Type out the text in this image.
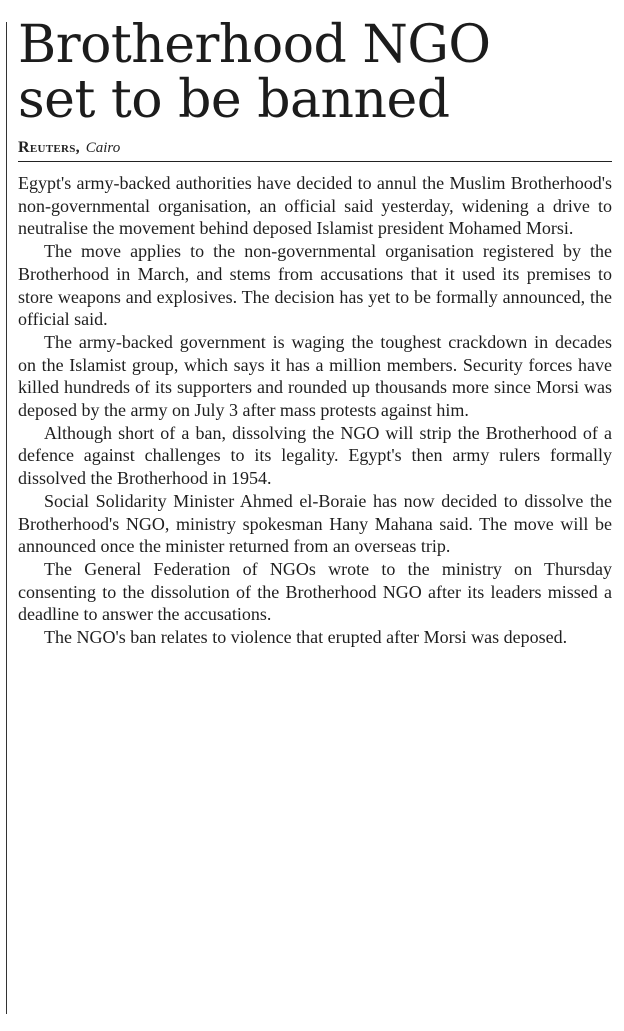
Brotherhood NGO
set to be banned
Reuters, Cairo

Egypt's army-backed authorities have decided to annul the Muslim Brotherhood's non-governmental organisation, an official said yesterday, widening a drive to neutralise the movement behind deposed Islamist president Mohamed Morsi.

The move applies to the non-governmental organisation registered by the Brotherhood in March, and stems from accusations that it used its premises to store weapons and explosives. The decision has yet to be formally announced, the official said.

The army-backed government is waging the toughest crackdown in decades on the Islamist group, which says it has a million members. Security forces have killed hundreds of its supporters and rounded up thousands more since Morsi was deposed by the army on July 3 after mass protests against him.

Although short of a ban, dissolving the NGO will strip the Brotherhood of a defence against challenges to its legality. Egypt's then army rulers formally dissolved the Brotherhood in 1954.

Social Solidarity Minister Ahmed el-Boraie has now decided to dissolve the Brotherhood's NGO, ministry spokesman Hany Mahana said. The move will be announced once the minister returned from an overseas trip.

The General Federation of NGOs wrote to the ministry on Thursday consenting to the dissolution of the Brotherhood NGO after its leaders missed a deadline to answer the accusations.

The NGO's ban relates to violence that erupted after Morsi was deposed.
